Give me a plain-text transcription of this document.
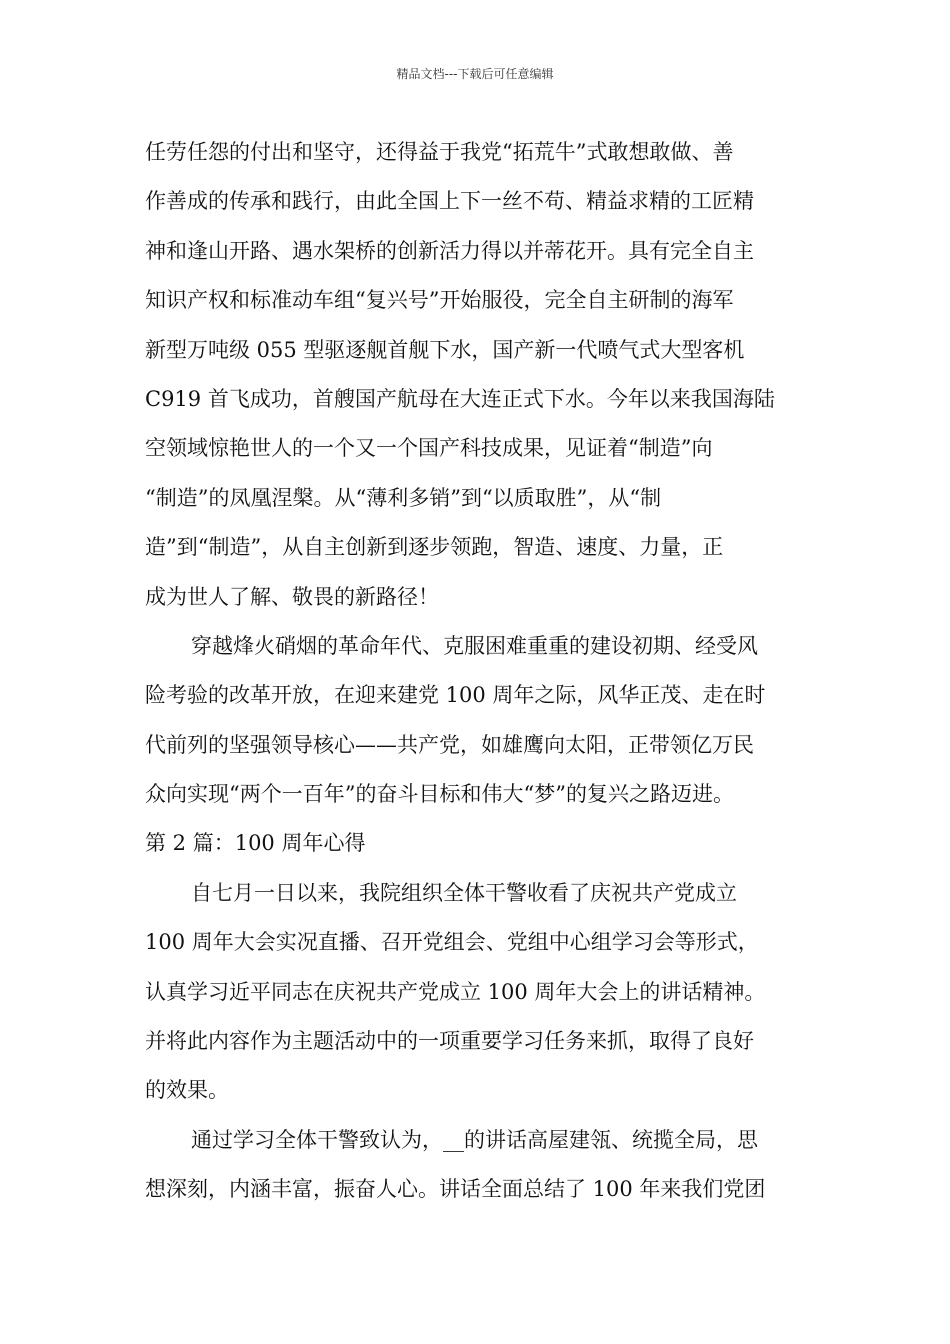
精品文档---下载后可任意编辑
任劳任怨的付出和坚守，还得益于我党“拓荒牛”式敢想敢做、善
作善成的传承和践行，由此全国上下一丝不苟、精益求精的工匠精
神和逢山开路、遇水架桥的创新活力得以并蒂花开。具有完全自主
知识产权和标准动车组“复兴号”开始服役，完全自主研制的海军
新型万吨级 055 型驱逐舰首舰下水，国产新一代喷气式大型客机
C919 首飞成功，首艘国产航母在大连正式下水。今年以来我国海陆
空领域惊艳世人的一个又一个国产科技成果，见证着“制造”向
“制造”的凤凰涅槃。从“薄利多销”到“以质取胜”，从“制
造”到“制造”，从自主创新到逐步领跑，智造、速度、力量，正
成为世人了解、敬畏的新路径！
穿越烽火硝烟的革命年代、克服困难重重的建设初期、经受风
险考验的改革开放，在迎来建党 100 周年之际，风华正茂、走在时
代前列的坚强领导核心——共产党，如雄鹰向太阳，正带领亿万民
众向实现“两个一百年”的奋斗目标和伟大“梦”的复兴之路迈进。
第 2 篇：100 周年心得
自七月一日以来，我院组织全体干警收看了庆祝共产党成立
100 周年大会实况直播、召开党组会、党组中心组学习会等形式，
认真学习近平同志在庆祝共产党成立 100 周年大会上的讲话精神。
并将此内容作为主题活动中的一项重要学习任务来抓，取得了良好
的效果。
通过学习全体干警致认为，__的讲话高屋建瓴、统揽全局，思
想深刻，内涵丰富，振奋人心。讲话全面总结了 100 年来我们党团
